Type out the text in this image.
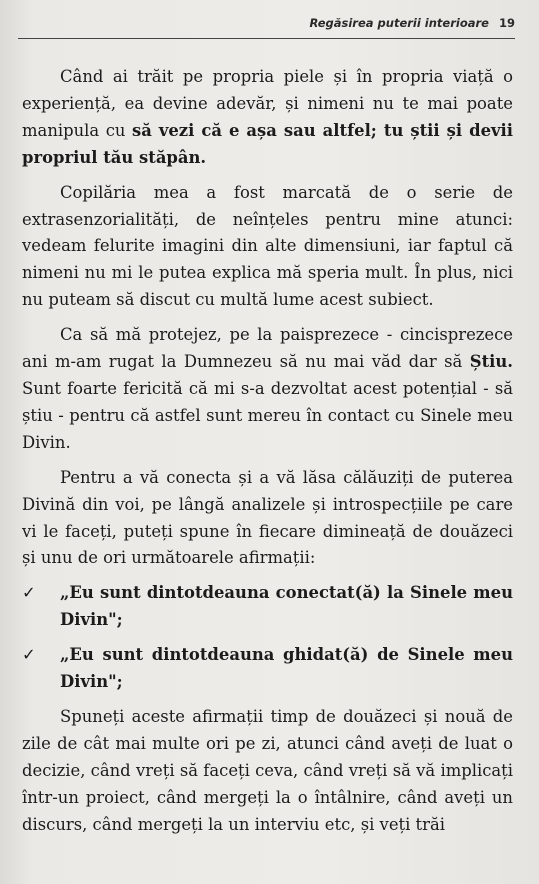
Regăsirea puterii interioare 19

Când ai trăit pe propria piele și în propria viață o experiență, ea devine adevăr, și nimeni nu te mai poate manipula cu să vezi că e așa sau altfel; tu știi și devii propriul tău stăpân.

Copilăria mea a fost marcată de o serie de extrasenzorialități, de neînțeles pentru mine atunci: vedeam felurite imagini din alte dimensiuni, iar faptul că nimeni nu mi le putea explica mă speria mult. În plus, nici nu puteam să discut cu multă lume acest subiect.

Ca să mă protejez, pe la paisprezece - cincisprezece ani m-am rugat la Dumnezeu să nu mai văd dar să Știu. Sunt foarte fericită că mi s-a dezvoltat acest potențial - să știu - pentru că astfel sunt mereu în contact cu Sinele meu Divin.

Pentru a vă conecta și a vă lăsa călăuziți de puterea Divină din voi, pe lângă analizele și introspecțiile pe care vi le faceți, puteți spune în fiecare dimineață de douăzeci și unu de ori următoarele afirmații:

✓ „Eu sunt dintotdeauna conectat(ă) la Sinele meu Divin";
✓ „Eu sunt dintotdeauna ghidat(ă) de Sinele meu Divin";

Spuneți aceste afirmații timp de douăzeci și nouă de zile de cât mai multe ori pe zi, atunci când aveți de luat o decizie, când vreți să faceți ceva, când vreți să vă implicați într-un proiect, când mergeți la o întâlnire, când aveți un discurs, când mergeți la un interviu etc, și veți trăi
